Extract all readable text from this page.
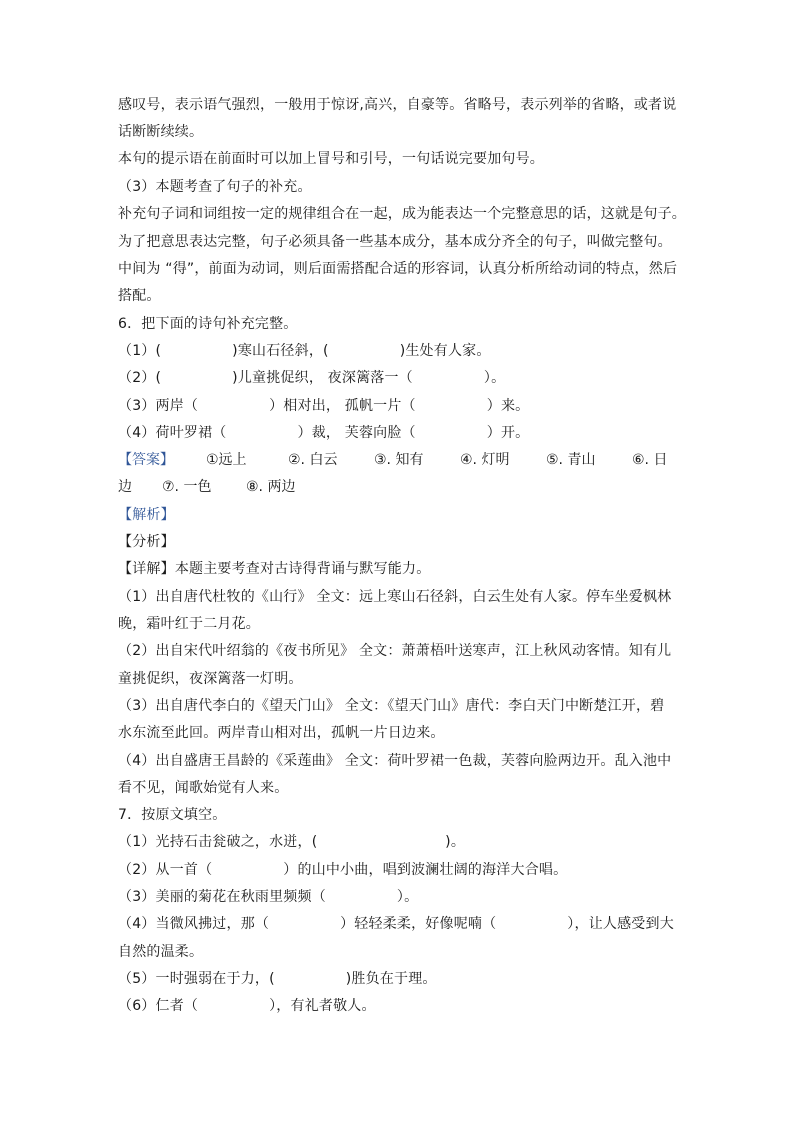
感叹号，表示语气强烈，一般用于惊讶,高兴，自豪等。省略号，表示列举的省略，或者说
话断断续续。
本句的提示语在前面时可以加上冒号和引号，一句话说完要加句号。
（3）本题考查了句子的补充。
补充句子词和词组按一定的规律组合在一起，成为能表达一个完整意思的话，这就是句子。
为了把意思表达完整，句子必须具备一些基本成分，基本成分齐全的句子，叫做完整句。
中间为 “得”，前面为动词，则后面需搭配合适的形容词，认真分析所给动词的特点，然后
搭配。
6．把下面的诗句补充完整。
（1）(　　　　　)寒山石径斜，(　　　　　)生处有人家。
（2）(　　　　　)儿童挑促织， 夜深篱落一（　　　　　）。
（3）两岸（　　　　　）相对出， 孤帆一片（　　　　　）来。
（4）荷叶罗裙（　　　　　）裁， 芙蓉向脸（　　　　　）开。
【答案】 ①远上	②. 白云	③. 知有	④. 灯明	⑤. 青山	⑥. 日
边 ⑦. 一色 ⑧. 两边
【解析】
【分析】
【详解】本题主要考查对古诗得背诵与默写能力。
（1）出自唐代杜牧的《山行》 全文：远上寒山石径斜，白云生处有人家。停车坐爱枫林
晚，霜叶红于二月花。
（2）出自宋代叶绍翁的《夜书所见》 全文：萧萧梧叶送寒声，江上秋风动客情。知有儿
童挑促织，夜深篱落一灯明。
（3）出自唐代李白的《望天门山》 全文：《望天门山》唐代：李白天门中断楚江开，碧
水东流至此回。两岸青山相对出，孤帆一片日边来。
（4）出自盛唐王昌龄的《采莲曲》 全文：荷叶罗裙一色裁，芙蓉向脸两边开。乱入池中
看不见，闻歌始觉有人来。
7．按原文填空。
（1）光持石击瓮破之，水迸，(　　　　　　　　　)。
（2）从一首（　　　　　）的山中小曲，唱到波澜壮阔的海洋大合唱。
（3）美丽的菊花在秋雨里频频（　　　　　）。
（4）当微风拂过，那（　　　　　）轻轻柔柔，好像呢喃（　　　　　），让人感受到大
自然的温柔。
（5）一时强弱在于力，(　　　　　)胜负在于理。
（6）仁者（　　　　　），有礼者敬人。
